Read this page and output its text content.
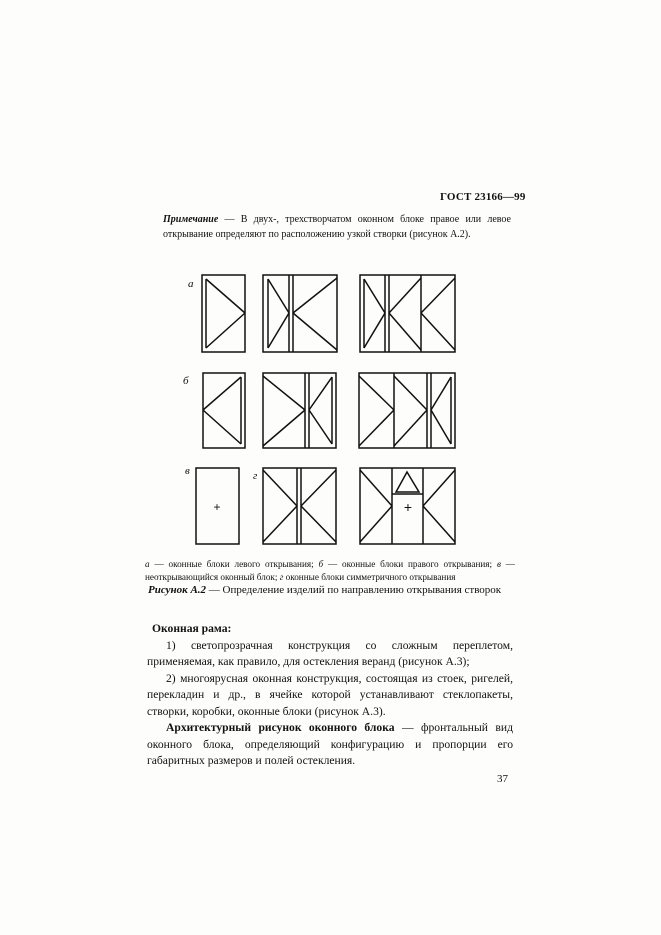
ГОСТ 23166—99
Примечание — В двух-, трехстворчатом оконном блоке правое или левое открывание определяют по расположению узкой створки (рисунок А.2).
а
б
в	г
+	+
а — оконные блоки левого открывания; б — оконные блоки правого открывания; в — неоткрывающийся оконный блок; г оконные блоки симметричного открывания
Рисунок А.2 — Определение изделий по направлению открывания створок
Оконная рама:

1) светопрозрачная конструкция со сложным переплетом, применяемая, как правило, для остекления веранд (рисунок А.3);

2) многоярусная оконная конструкция, состоящая из стоек, ригелей, перекладин и др., в ячейке которой устанавливают стеклопакеты, створки, коробки, оконные блоки (рисунок А.3).

Архитектурный рисунок оконного блока — фронтальный вид оконного блока, определяющий конфигурацию и пропорции его габаритных размеров и полей остекления.

37
